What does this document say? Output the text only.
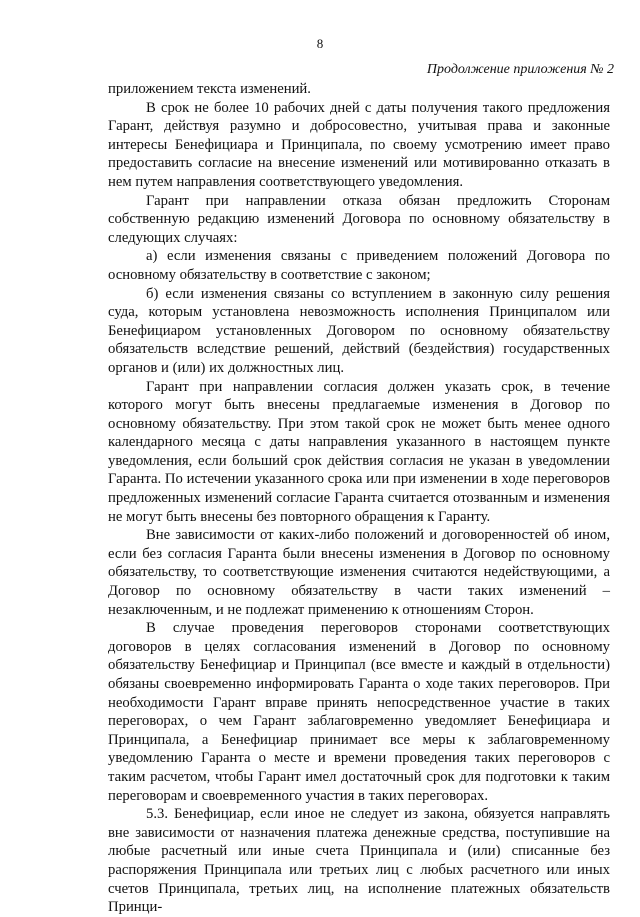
8
Продолжение приложения № 2

приложением текста изменений.

В срок не более 10 рабочих дней с даты получения такого предложения Гарант, действуя разумно и добросовестно, учитывая права и законные интересы Бенефициара и Принципала, по своему усмотрению имеет право предоставить согласие на внесение изменений или мотивированно отказать в нем путем направления соответствующего уведомления.

Гарант при направлении отказа обязан предложить Сторонам собственную редакцию изменений Договора по основному обязательству в следующих случаях:

а) если изменения связаны с приведением положений Договора по основному обязательству в соответствие с законом;

б) если изменения связаны со вступлением в законную силу решения суда, которым установлена невозможность исполнения Принципалом или Бенефициаром установленных Договором по основному обязательству обязательств вследствие решений, действий (бездействия) государственных органов и (или) их должностных лиц.

Гарант при направлении согласия должен указать срок, в течение которого могут быть внесены предлагаемые изменения в Договор по основному обязательству. При этом такой срок не может быть менее одного календарного месяца с даты направления указанного в настоящем пункте уведомления, если больший срок действия согласия не указан в уведомлении Гаранта. По истечении указанного срока или при изменении в ходе переговоров предложенных изменений согласие Гаранта считается отозванным и изменения не могут быть внесены без повторного обращения к Гаранту.

Вне зависимости от каких-либо положений и договоренностей об ином, если без согласия Гаранта были внесены изменения в Договор по основному обязательству, то соответствующие изменения считаются недействующими, а Договор по основному обязательству в части таких изменений – незаключенным, и не подлежат применению к отношениям Сторон.

В случае проведения переговоров сторонами соответствующих договоров в целях согласования изменений в Договор по основному обязательству Бенефициар и Принципал (все вместе и каждый в отдельности) обязаны своевременно информировать Гаранта о ходе таких переговоров. При необходимости Гарант вправе принять непосредственное участие в таких переговорах, о чем Гарант заблаговременно уведомляет Бенефициара и Принципала, а Бенефициар принимает все меры к заблаговременному уведомлению Гаранта о месте и времени проведения таких переговоров с таким расчетом, чтобы Гарант имел достаточный срок для подготовки к таким переговорам и своевременного участия в таких переговорах.

5.3. Бенефициар, если иное не следует из закона, обязуется направлять вне зависимости от назначения платежа денежные средства, поступившие на любые расчетный или иные счета Принципала и (или) списанные без распоряжения Принципала или третьих лиц с любых расчетного или иных счетов Принципала, третьих лиц, на исполнение платежных обязательств Принци-
